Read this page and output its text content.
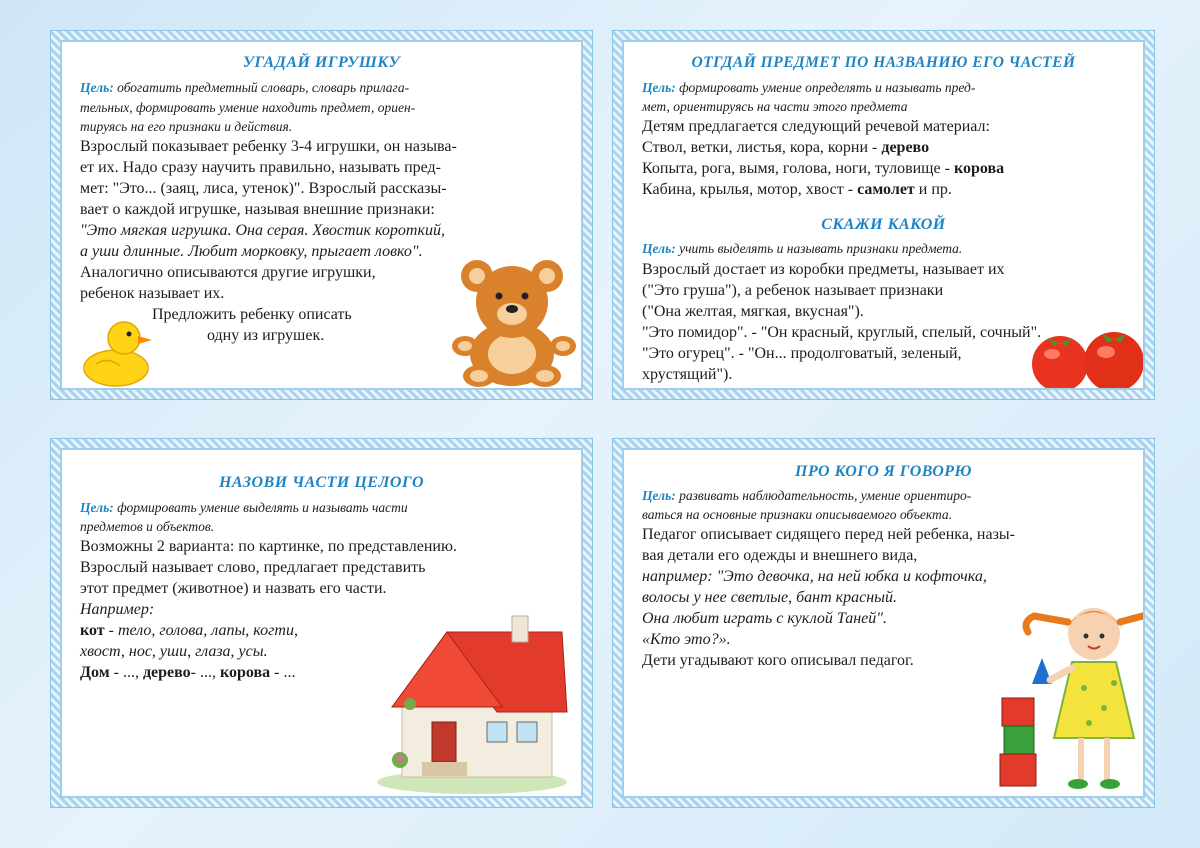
УГАДАЙ ИГРУШКУ
Цель: обогатить предметный словарь, словарь прилага-
тельных, формировать умение находить предмет, ориен-
тируясь на его признаки и действия.
Взрослый показывает ребенку 3-4 игрушки, он называ-
ет их. Надо сразу научить правильно, называть пред-
мет: "Это... (заяц, лиса, утенок)". Взрослый рассказы-
вает о каждой игрушке, называя внешние признаки:
"Это мягкая игрушка. Она серая. Хвостик короткий,
а уши длинные. Любит морковку, прыгает ловко".
Аналогично описываются другие игрушки,
ребенок называет их.
Предложить ребенку описать
одну из игрушек.
ОТГДАЙ ПРЕДМЕТ ПО НАЗВАНИЮ ЕГО ЧАСТЕЙ
Цель: формировать умение определять и называть пред-
мет, ориентируясь на части этого предмета
Детям предлагается следующий речевой материал:
Ствол, ветки, листья, кора, корни - дерево
Копыта, рога, вымя, голова, ноги, туловище - корова
Кабина, крылья, мотор, хвост - самолет и пр.
СКАЖИ КАКОЙ
Цель: учить выделять и называть признаки предмета.
Взрослый достает из коробки предметы, называет их
("Это груша"), а ребенок называет признаки
("Она желтая, мягкая, вкусная").
"Это помидор". - "Он красный, круглый, спелый, сочный".
"Это огурец". - "Он... продолговатый, зеленый,
хрустящий").
НАЗОВИ ЧАСТИ ЦЕЛОГО
Цель: формировать умение выделять и называть части
предметов и объектов.
Возможны 2 варианта: по картинке, по представлению.
Взрослый называет слово, предлагает представить
этот предмет (животное) и назвать его части.
Например:
кот - тело, голова, лапы, когти,
хвост, нос, уши, глаза, усы.
Дом - ..., дерево- ..., корова - ...
ПРО КОГО Я ГОВОРЮ
Цель: развивать наблюдательность, умение ориентиро-
ваться на основные признаки описываемого объекта.
Педагог описывает сидящего перед ней ребенка, назы-
вая детали его одежды и внешнего вида,
например: "Это девочка, на ней юбка и кофточка,
волосы у нее светлые, бант красный.
Она любит играть с куклой Таней".
«Кто это?».
Дети угадывают кого описывал педагог.
